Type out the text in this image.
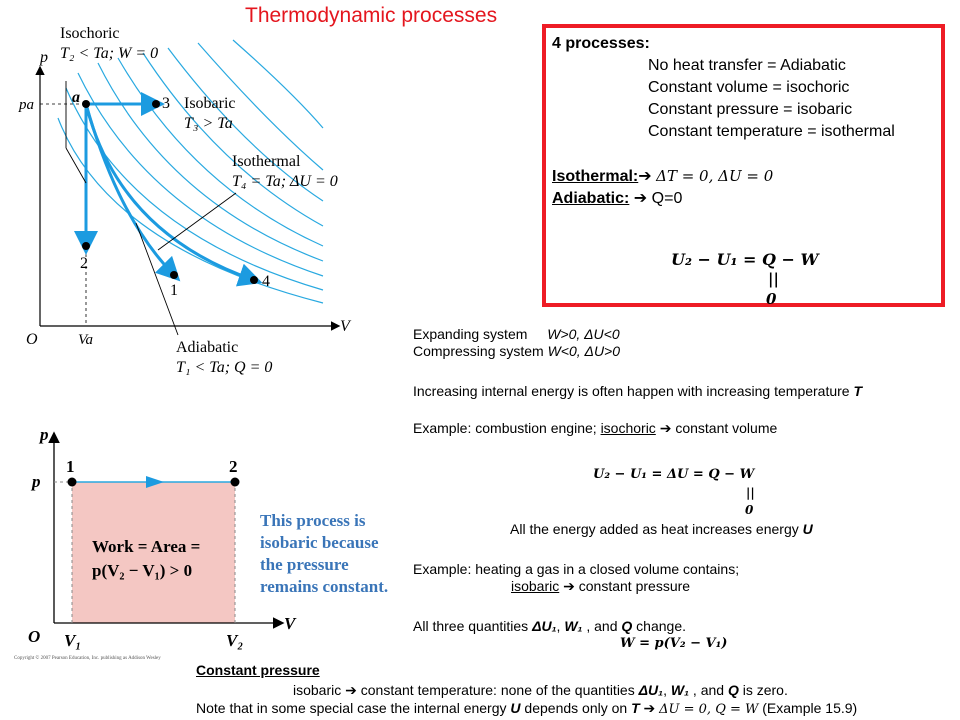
Thermodynamic processes
p
V
O
pa
Va
a	3
2
1
4
Isochoric
T₂ < Ta; W = 0
Isobaric
T₃ > Ta
Isothermal
T₄ = Ta; ΔU = 0
Adiabatic
T₁ < Ta; Q = 0
p
V
O
p
V₁	V₂
1	2
Work = Area =
p(V₂ − V₁) > 0
This process is
isobaric because
the pressure
remains constant.
Copyright © 2007 Pearson Education, Inc. publishing as Addison Wesley
4 processes:
No heat transfer = Adiabatic
Constant volume = isochoric
Constant pressure = isobaric
Constant temperature = isothermal
Isothermal:➔ ΔT = 0, ΔU = 0
Adiabatic: ➔ Q=0
U₂ − U₁ = Q − W
||
0
Expanding system W>0, ΔU<0
Compressing system W<0, ΔU>0
Increasing internal energy is often happen with increasing temperature T
Example: combustion engine; isochoric ➔ constant volume
U₂ − U₁ = ΔU = Q − W
||
0
All the energy added as heat increases energy U
Example: heating a gas in a closed volume contains;
isobaric ➔ constant pressure
All three quantities ΔU₁, W₁ , and Q change.
W = p(V₂ − V₁)
Constant pressure
isobaric ➔ constant temperature: none of the quantities ΔU₁, W₁ , and Q is zero.
Note that in some special case the internal energy U depends only on T ➔ ΔU = 0, Q = W (Example 15.9)
